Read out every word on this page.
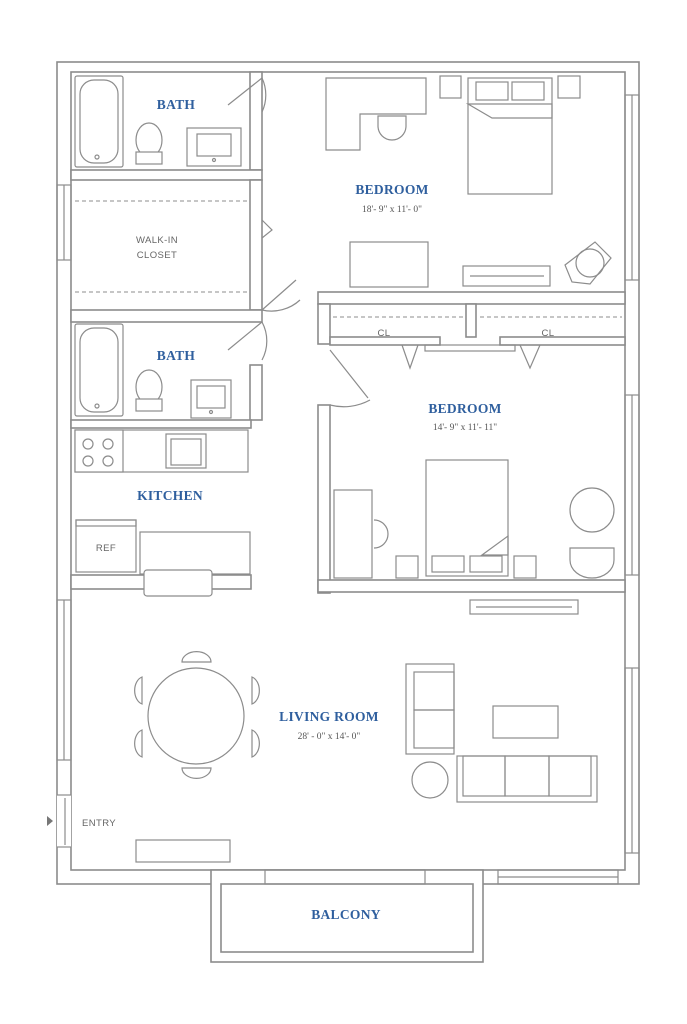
BATH
BEDROOM
18'- 9" x 11'- 0"
WALK-IN
CLOSET
BATH
CL	CL
BEDROOM
14'- 9" x 11'- 11"
KITCHEN
REF
LIVING ROOM
28' - 0" x 14'- 0"
ENTRY
BALCONY
